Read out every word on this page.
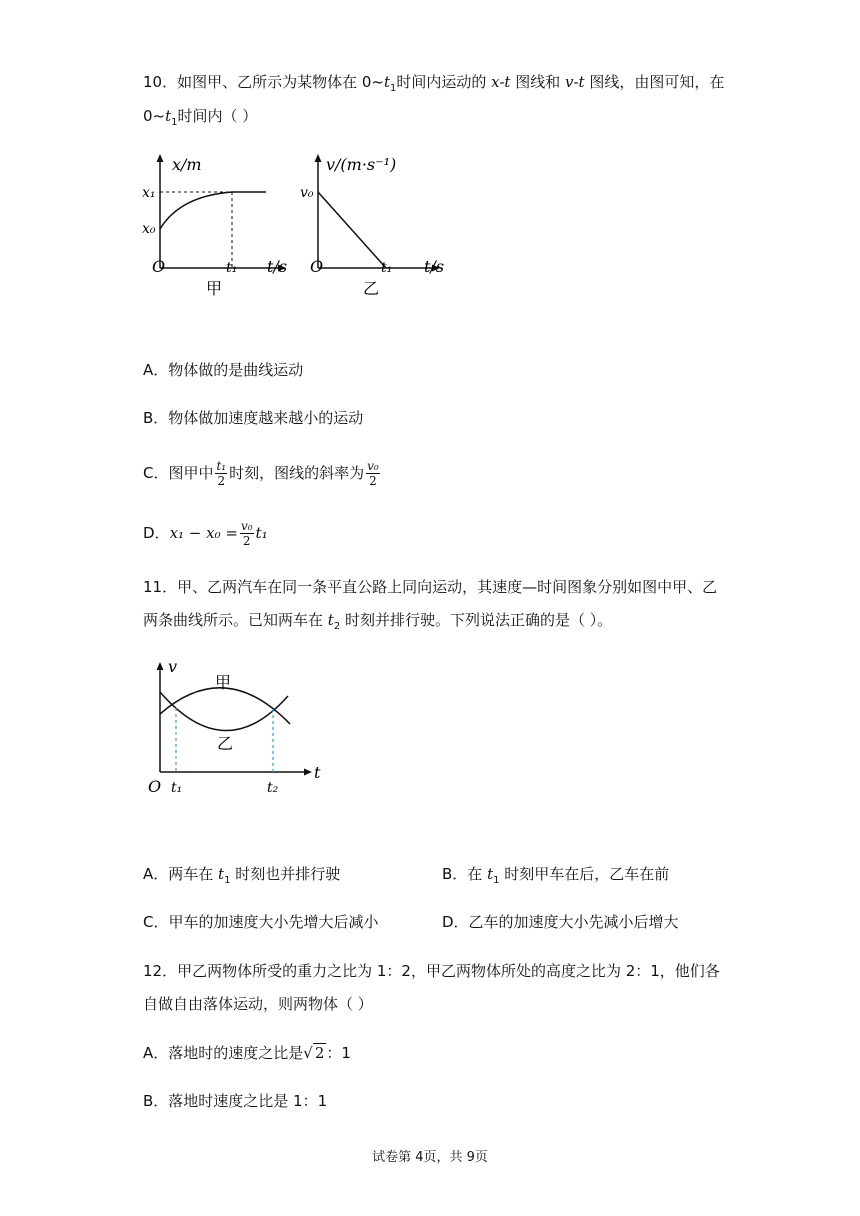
10．如图甲、乙所示为某物体在 $0\sim t_1$时间内运动的 x-t 图线和 v-t 图线，由图可知，在
$0\sim t_1$时间内（ ）
x/m
x₁
x₀
O	t₁ t/s
甲
v/(m·s⁻¹)
v₀
O	t₁ t/s
乙
A．物体做的是曲线运动
B．物体做加速度越来越小的运动
C．图甲中 $\frac{\text{t₁}}{2}$ 时刻，图线的斜率为 $\frac{\text{v₀}}{2}$
D．$x_1 - x_0 = \frac{\text{v₀}}{2} t_1$
11．甲、乙两汽车在同一条平直公路上同向运动，其速度—时间图象分别如图中甲、乙
两条曲线所示。已知两车在 $t_2$ 时刻并排行驶。下列说法正确的是（ ）。
v
甲
乙
O t₁	t₂
t
A．两车在 $t_1$ 时刻也并排行驶	B．在 $t_1$ 时刻甲车在后，乙车在前
C．甲车的加速度大小先增大后减小	D．乙车的加速度大小先减小后增大
12．甲乙两物体所受的重力之比为 1：2，甲乙两物体所处的高度之比为 2：1，他们各
自做自由落体运动，则两物体（ ）
A．落地时的速度之比是√ 2 ：1
B．落地时速度之比是 1：1
试卷第 4页，共 9页
